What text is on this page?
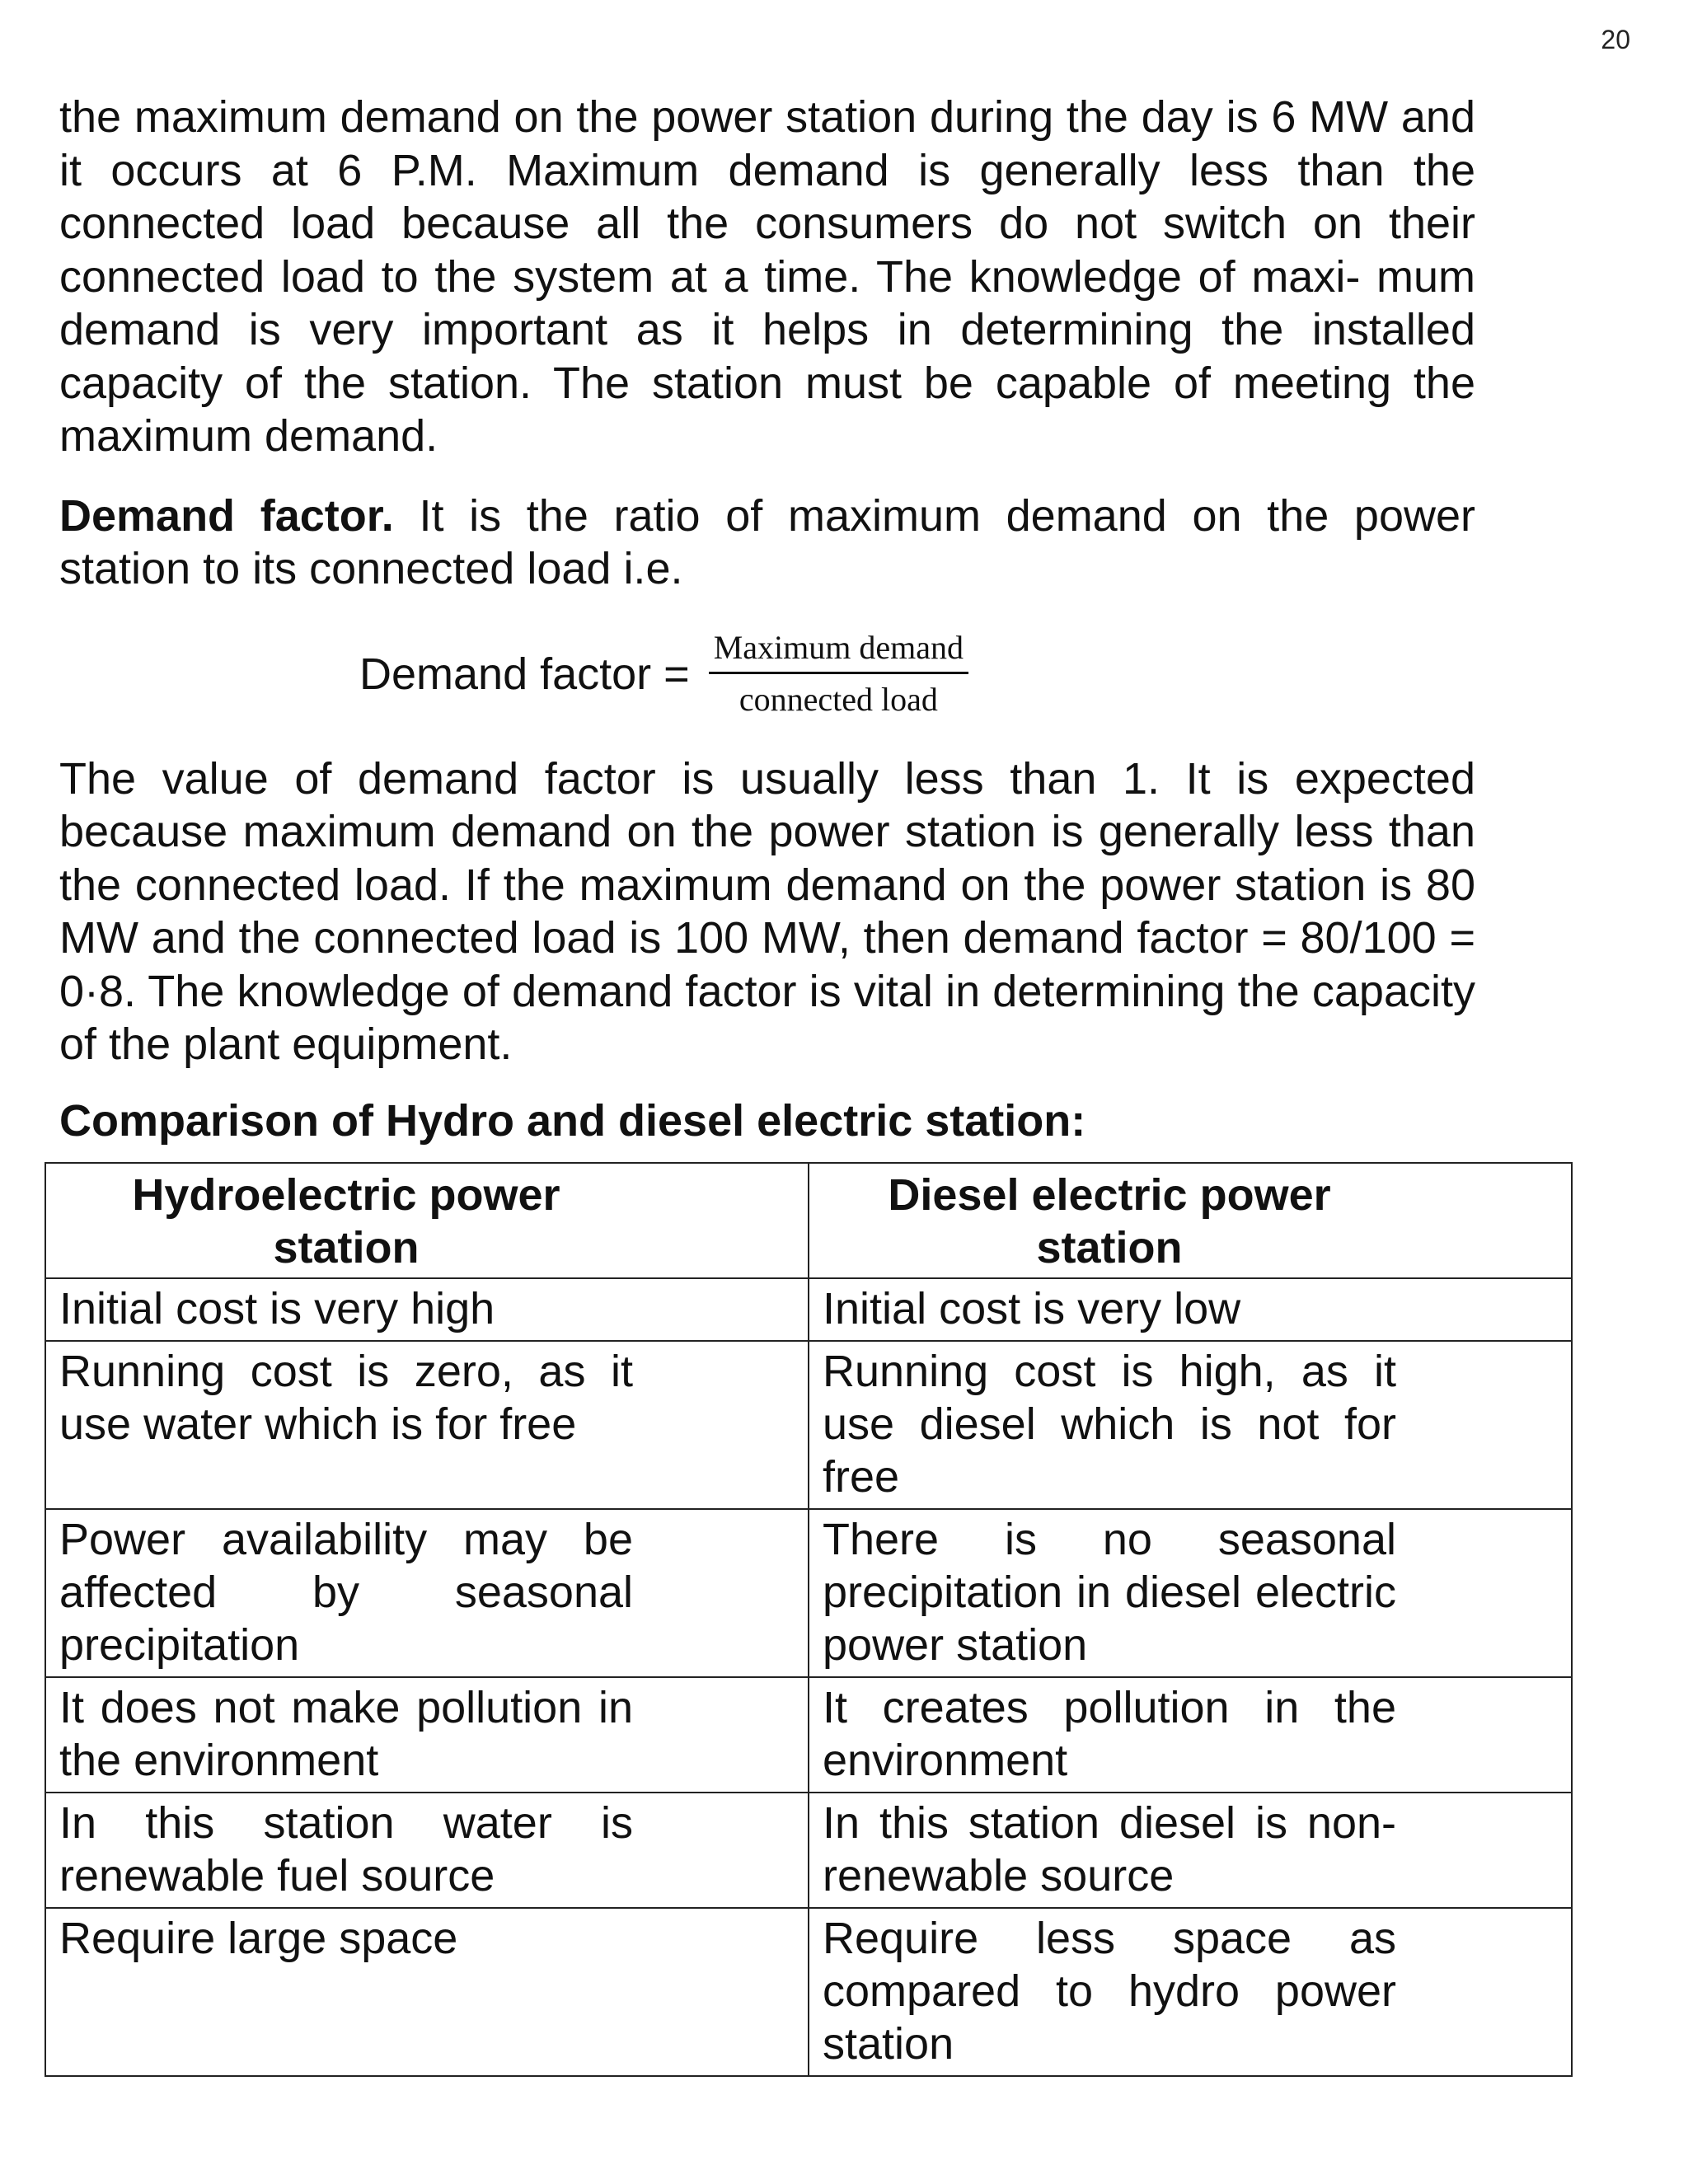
20

the maximum demand on the power station during the day is 6 MW and it occurs at 6 P.M. Maximum demand is generally less than the connected load because all the consumers do not switch on their connected load to the system at a time. The knowledge of maxi- mum demand is very important as it helps in determining the installed capacity of the station. The station must be capable of meeting the maximum demand.

Demand factor. It is the ratio of maximum demand on the power station to its connected load i.e.

Demand factor = $\frac{\text{Maximum demand}}{\text{connected load}}$

The value of demand factor is usually less than 1. It is expected because maximum demand on the power station is generally less than the connected load. If the maximum demand on the power station is 80 MW and the connected load is 100 MW, then demand factor = 80/100 = 0·8. The knowledge of demand factor is vital in determining the capacity of the plant equipment.

Comparison of Hydro and diesel electric station:
Hydroelectric power station	Diesel electric power station

Initial cost is very high	Initial cost is very low

Running cost is zero, as it use water which is for free	Running cost is high, as it use diesel which is not for free

Power availability may be affected by seasonal precipitation	There is no seasonal precipitation in diesel electric power station

It does not make pollution in the environment	It creates pollution in the environment

In this station water is renewable fuel source	In this station diesel is non-renewable source

Require large space	Require less space as compared to hydro power station
